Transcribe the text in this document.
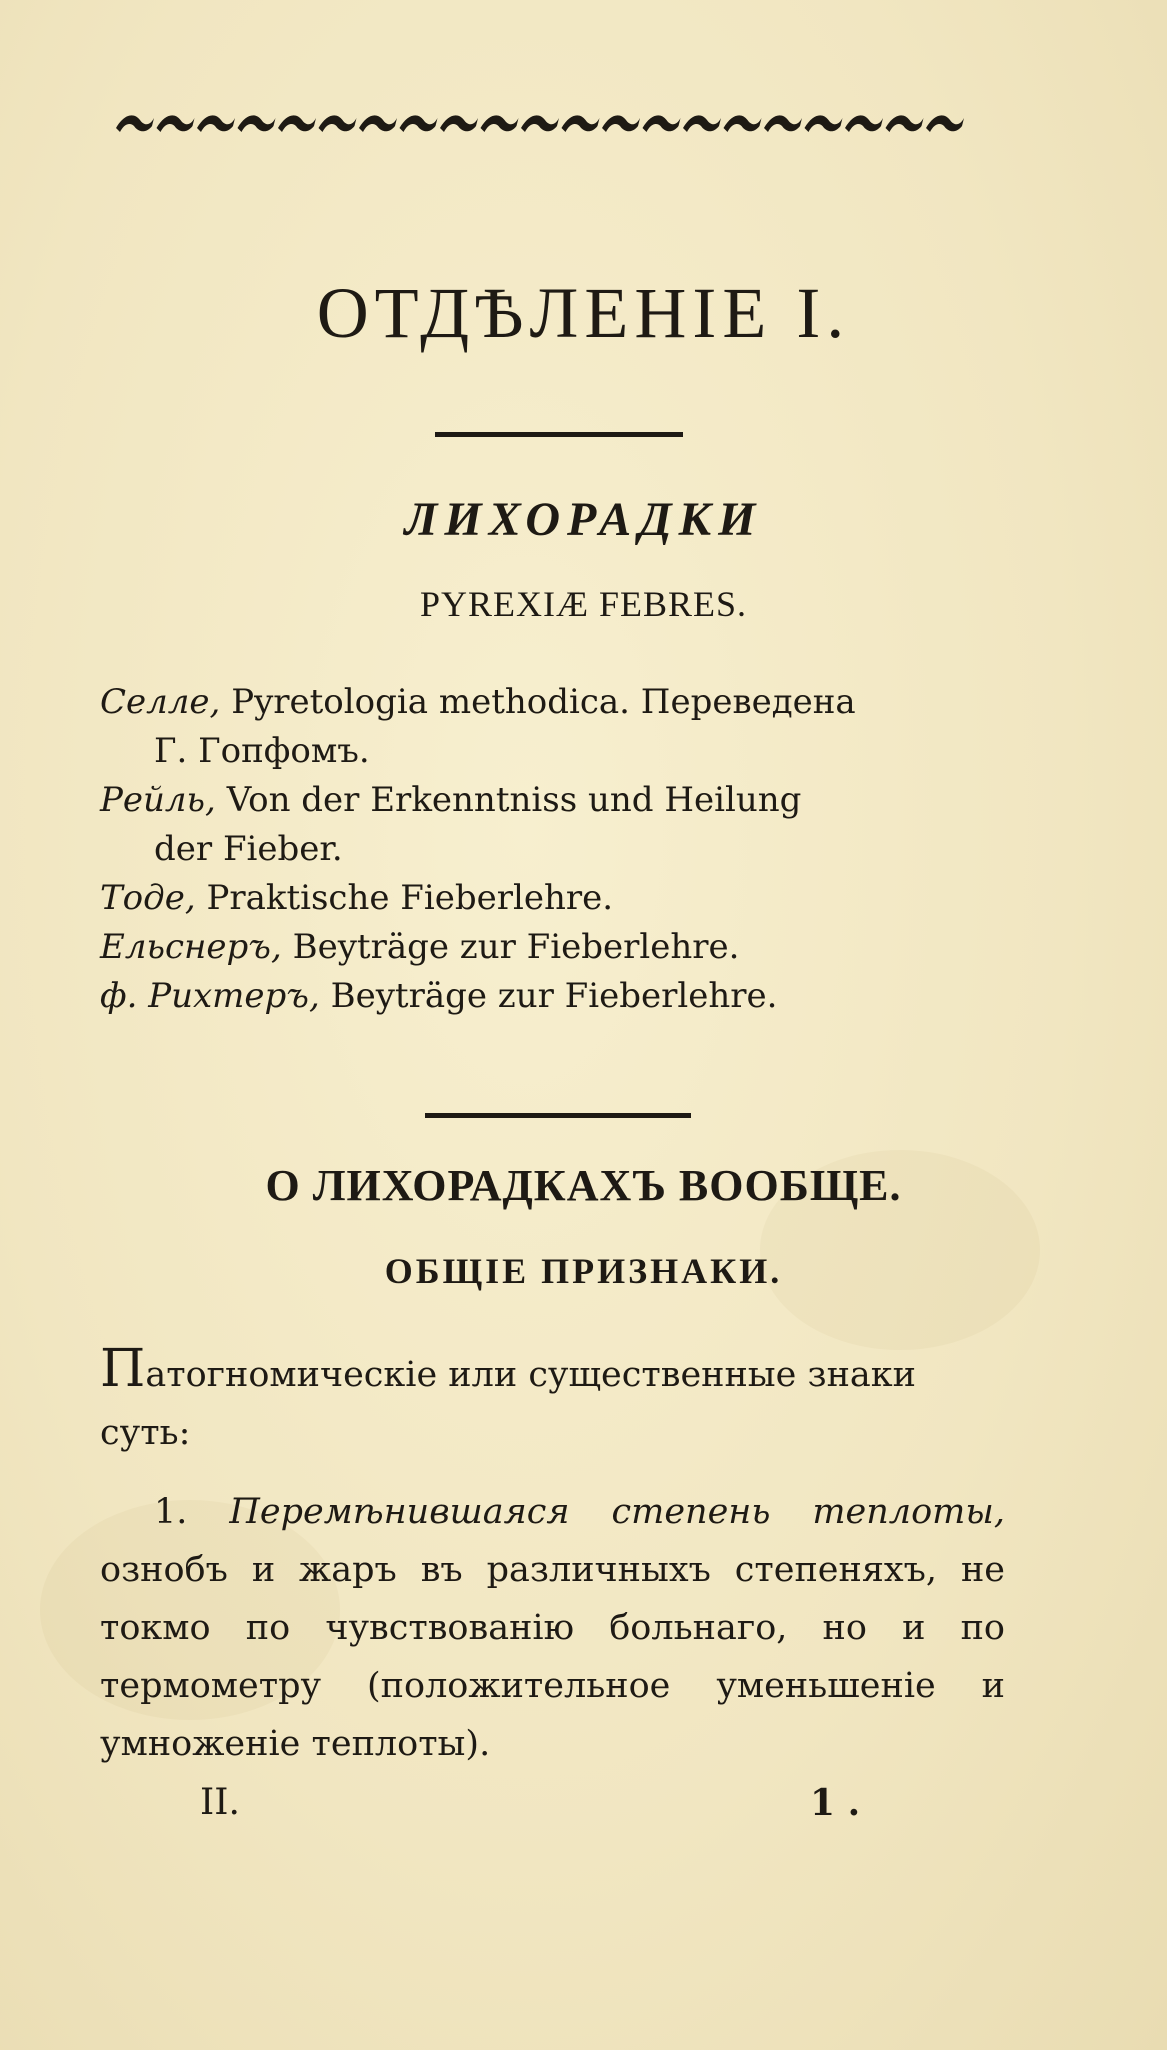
ОТДѢЛЕНІЕ I.
ЛИХОРАДКИ
PYREXIÆ FEBRES.

Селле, Pyretologia methodica. Переведена
Г. Гопфомъ.

Рейль, Von der Erkenntniss und Heilung
der Fieber.

Tоде, Praktische Fieberlehre.

Ельснеръ, Beyträge zur Fieberlehre.

ф. Рихтеръ, Beyträge zur Fieberlehre.

О ЛИХОРАДКАХЪ ВООБЩЕ.
ОБЩІЕ ПРИЗНАКИ.

Патогномическіе или существенные знаки суть:

1. Перемѣнившаяся степень теплоты, ознобъ и жаръ въ различныхъ степеняхъ, не токмо по чувствованію больнаго, но и по термометру (положительное уменьшеніе и умноженіе теплоты).

II.	1 .
